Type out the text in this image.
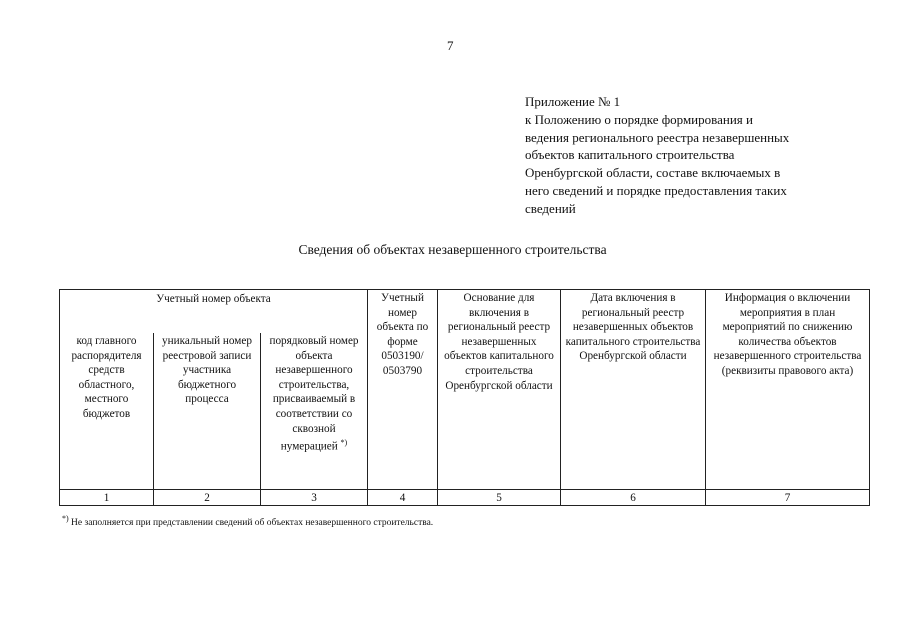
7
Приложение № 1
к Положению о порядке формирования и
ведения регионального реестра незавершенных
объектов капитального строительства
Оренбургской области, составе включаемых в
него сведений и порядке предоставления таких
сведений
Сведения об объектах незавершенного строительства
Учетный номер объекта			Учетный номер объекта по форме 0503190/ 0503790	Основание для включения в региональный реестр незавершенных объектов капитального строительства Оренбургской области	Дата включения в региональный реестр незавершенных объектов капитального строительства Оренбургской области	Информация о включении мероприятия в план мероприятий по снижению количества объектов незавершенного строительства (реквизиты правового акта)
код главного распорядителя средств областного, местного бюджетов	уникальный номер реестровой записи участника бюджетного процесса	порядковый номер объекта незавершенного строительства, присваиваемый в соответствии со сквозной нумерацией *)
1	2	3	4	5	6	7
*) Не заполняется при представлении сведений об объектах незавершенного строительства.
